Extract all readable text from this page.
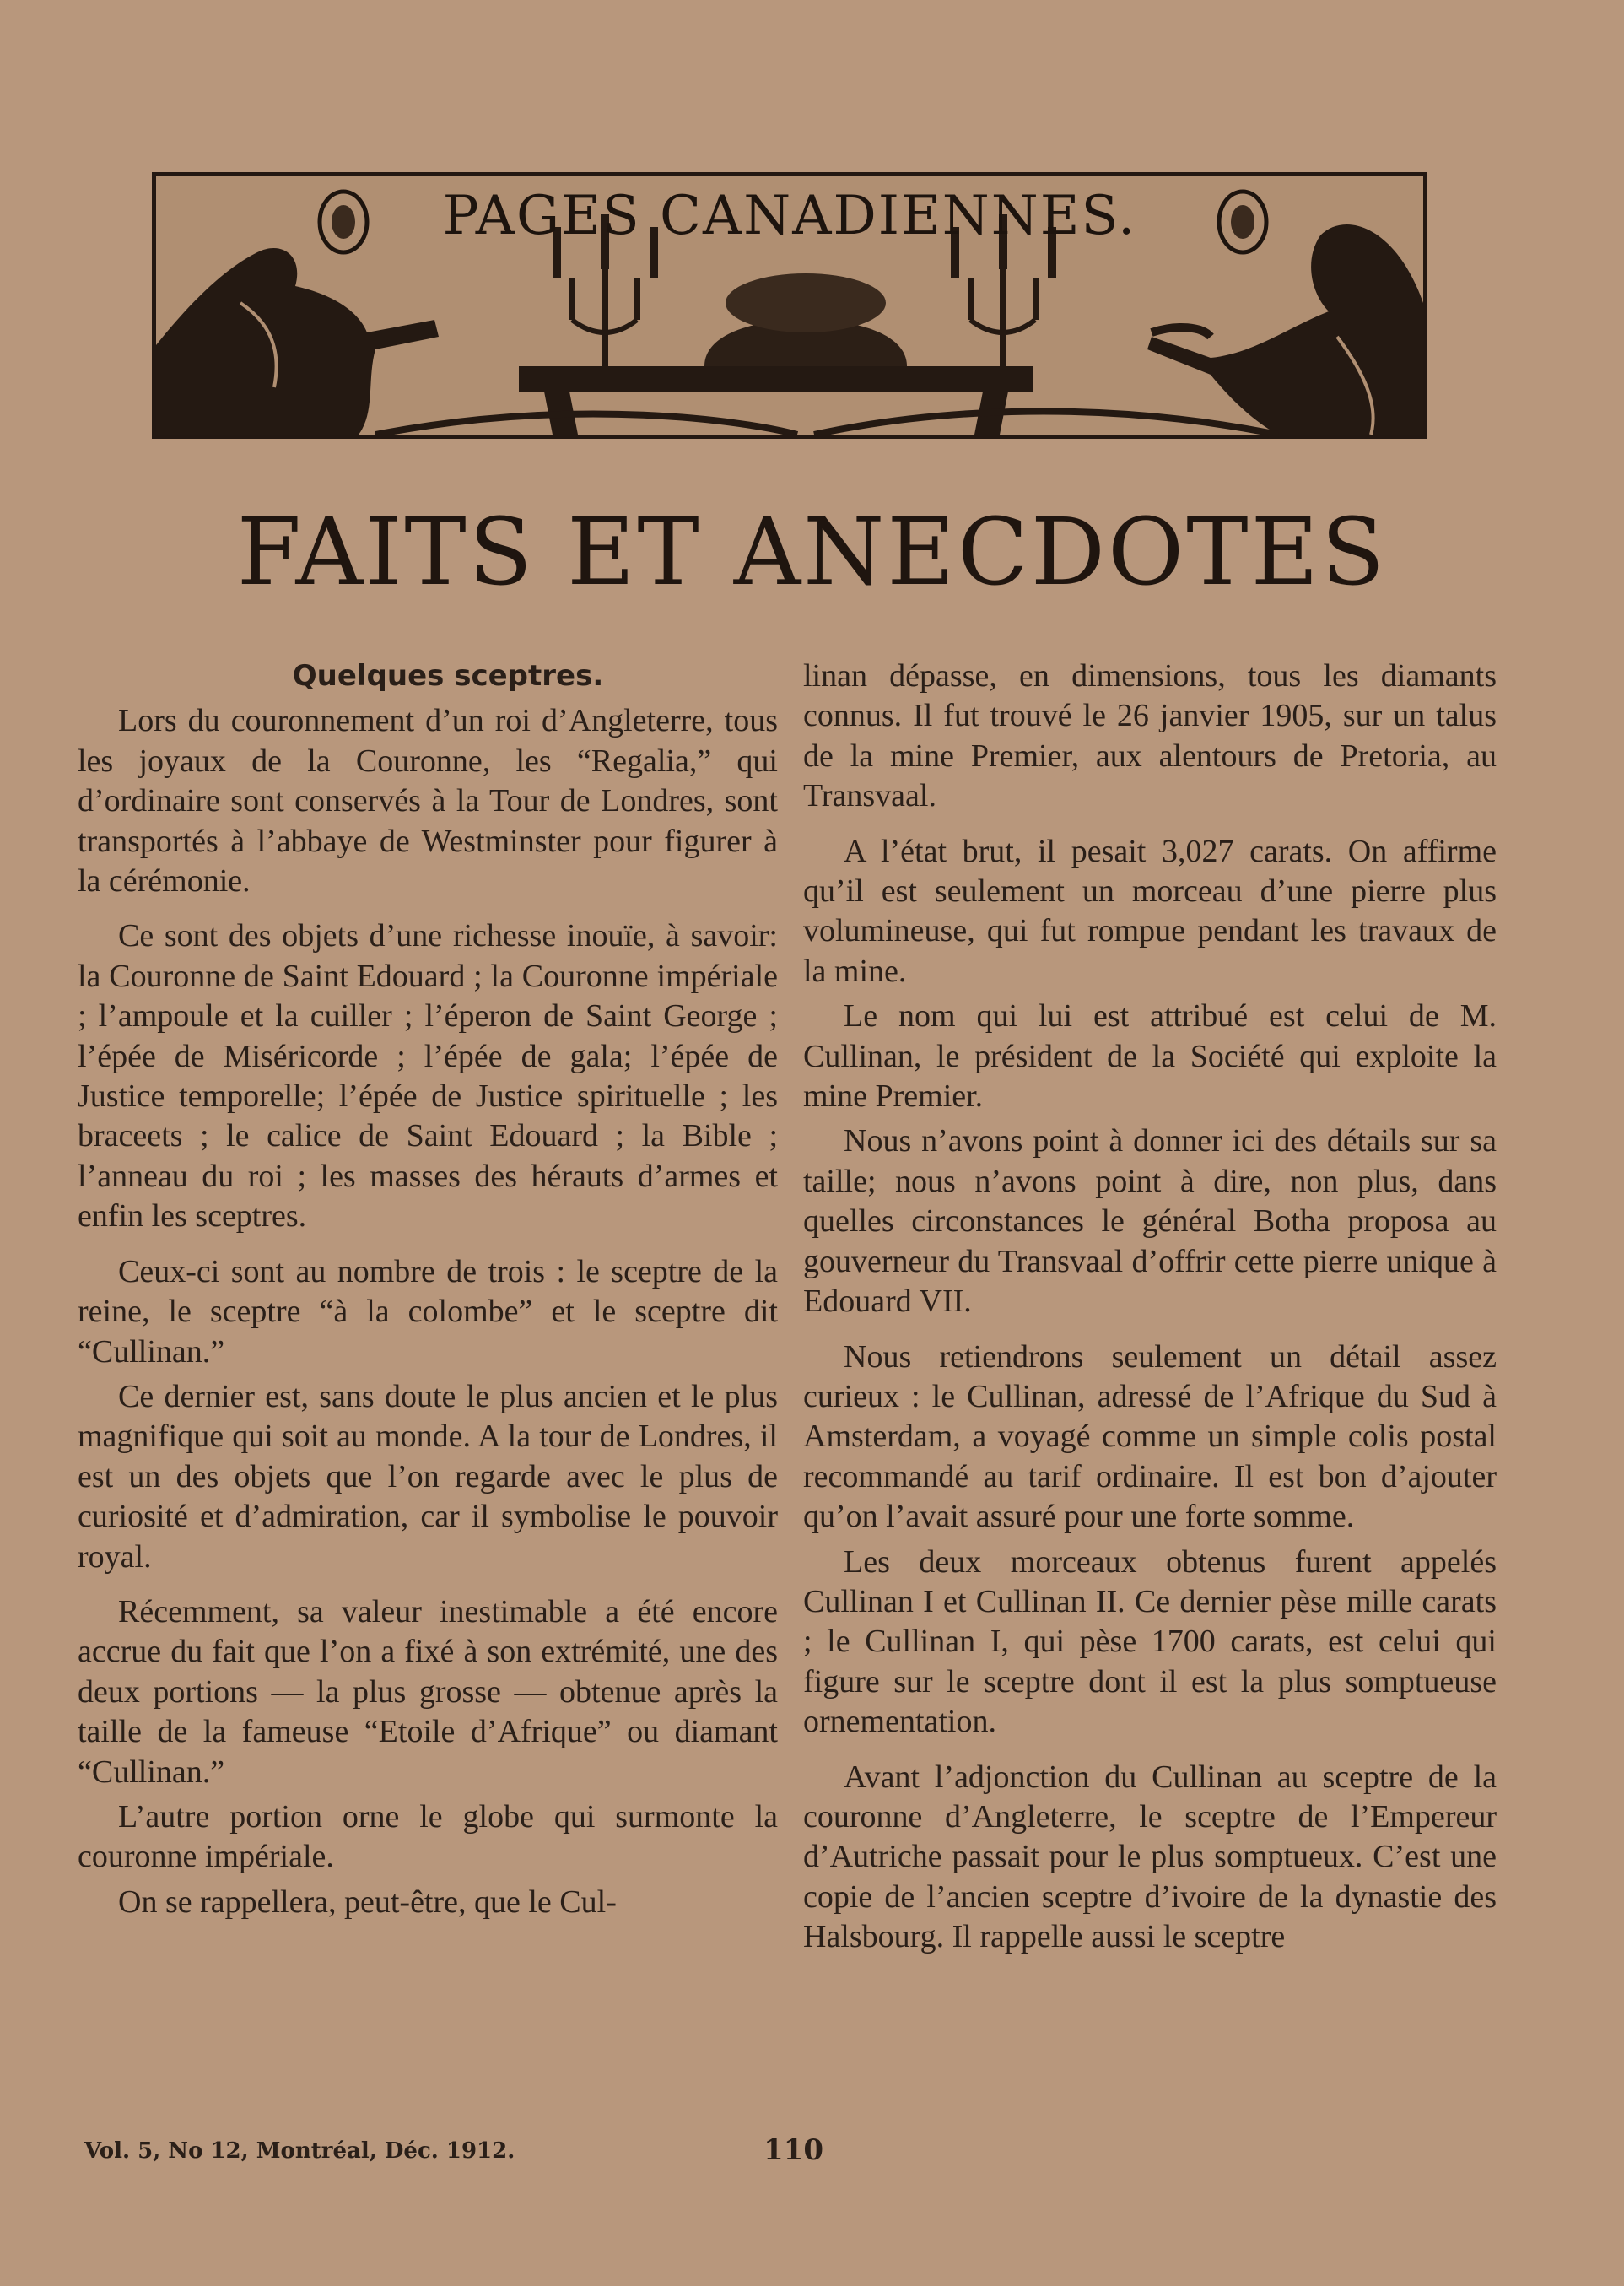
PAGES CANADIENNES.
FAITS ET ANECDOTES

Quelques sceptres.

Lors du couronnement d’un roi d’Angleterre, tous les joyaux de la Couronne, les “Regalia,” qui d’ordinaire sont conservés à la Tour de Londres, sont transportés à l’abbaye de Westminster pour figurer à la cérémonie.

Ce sont des objets d’une richesse inouïe, à savoir: la Couronne de Saint Edouard ; la Couronne impériale ; l’ampoule et la cuiller ; l’éperon de Saint George ; l’épée de Miséricorde ; l’épée de gala; l’épée de Justice temporelle; l’épée de Justice spirituelle ; les braceets ; le calice de Saint Edouard ; la Bible ; l’anneau du roi ; les masses des hérauts d’armes et enfin les sceptres.

Ceux-ci sont au nombre de trois : le sceptre de la reine, le sceptre “à la colombe” et le sceptre dit “Cullinan.”

Ce dernier est, sans doute le plus ancien et le plus magnifique qui soit au monde. A la tour de Londres, il est un des objets que l’on regarde avec le plus de curiosité et d’admiration, car il symbolise le pouvoir royal.

Récemment, sa valeur inestimable a été encore accrue du fait que l’on a fixé à son extrémité, une des deux portions — la plus grosse — obtenue après la taille de la fameuse “Etoile d’Afrique” ou diamant “Cullinan.”

L’autre portion orne le globe qui surmonte la couronne impériale.

On se rappellera, peut-être, que le Cul-

linan dépasse, en dimensions, tous les diamants connus. Il fut trouvé le 26 janvier 1905, sur un talus de la mine Premier, aux alentours de Pretoria, au Transvaal.

A l’état brut, il pesait 3,027 carats. On affirme qu’il est seulement un morceau d’une pierre plus volumineuse, qui fut rompue pendant les travaux de la mine.

Le nom qui lui est attribué est celui de M. Cullinan, le président de la Société qui exploite la mine Premier.

Nous n’avons point à donner ici des détails sur sa taille; nous n’avons point à dire, non plus, dans quelles circonstances le général Botha proposa au gouverneur du Transvaal d’offrir cette pierre unique à Edouard VII.

Nous retiendrons seulement un détail assez curieux : le Cullinan, adressé de l’Afrique du Sud à Amsterdam, a voyagé comme un simple colis postal recommandé au tarif ordinaire. Il est bon d’ajouter qu’on l’avait assuré pour une forte somme.

Les deux morceaux obtenus furent appelés Cullinan I et Cullinan II. Ce dernier pèse mille carats ; le Cullinan I, qui pèse 1700 carats, est celui qui figure sur le sceptre dont il est la plus somptueuse ornementation.

Avant l’adjonction du Cullinan au sceptre de la couronne d’Angleterre, le sceptre de l’Empereur d’Autriche passait pour le plus somptueux. C’est une copie de l’ancien sceptre d’ivoire de la dynastie des Halsbourg. Il rappelle aussi le sceptre

Vol. 5, No 12, Montréal, Déc. 1912.	110
